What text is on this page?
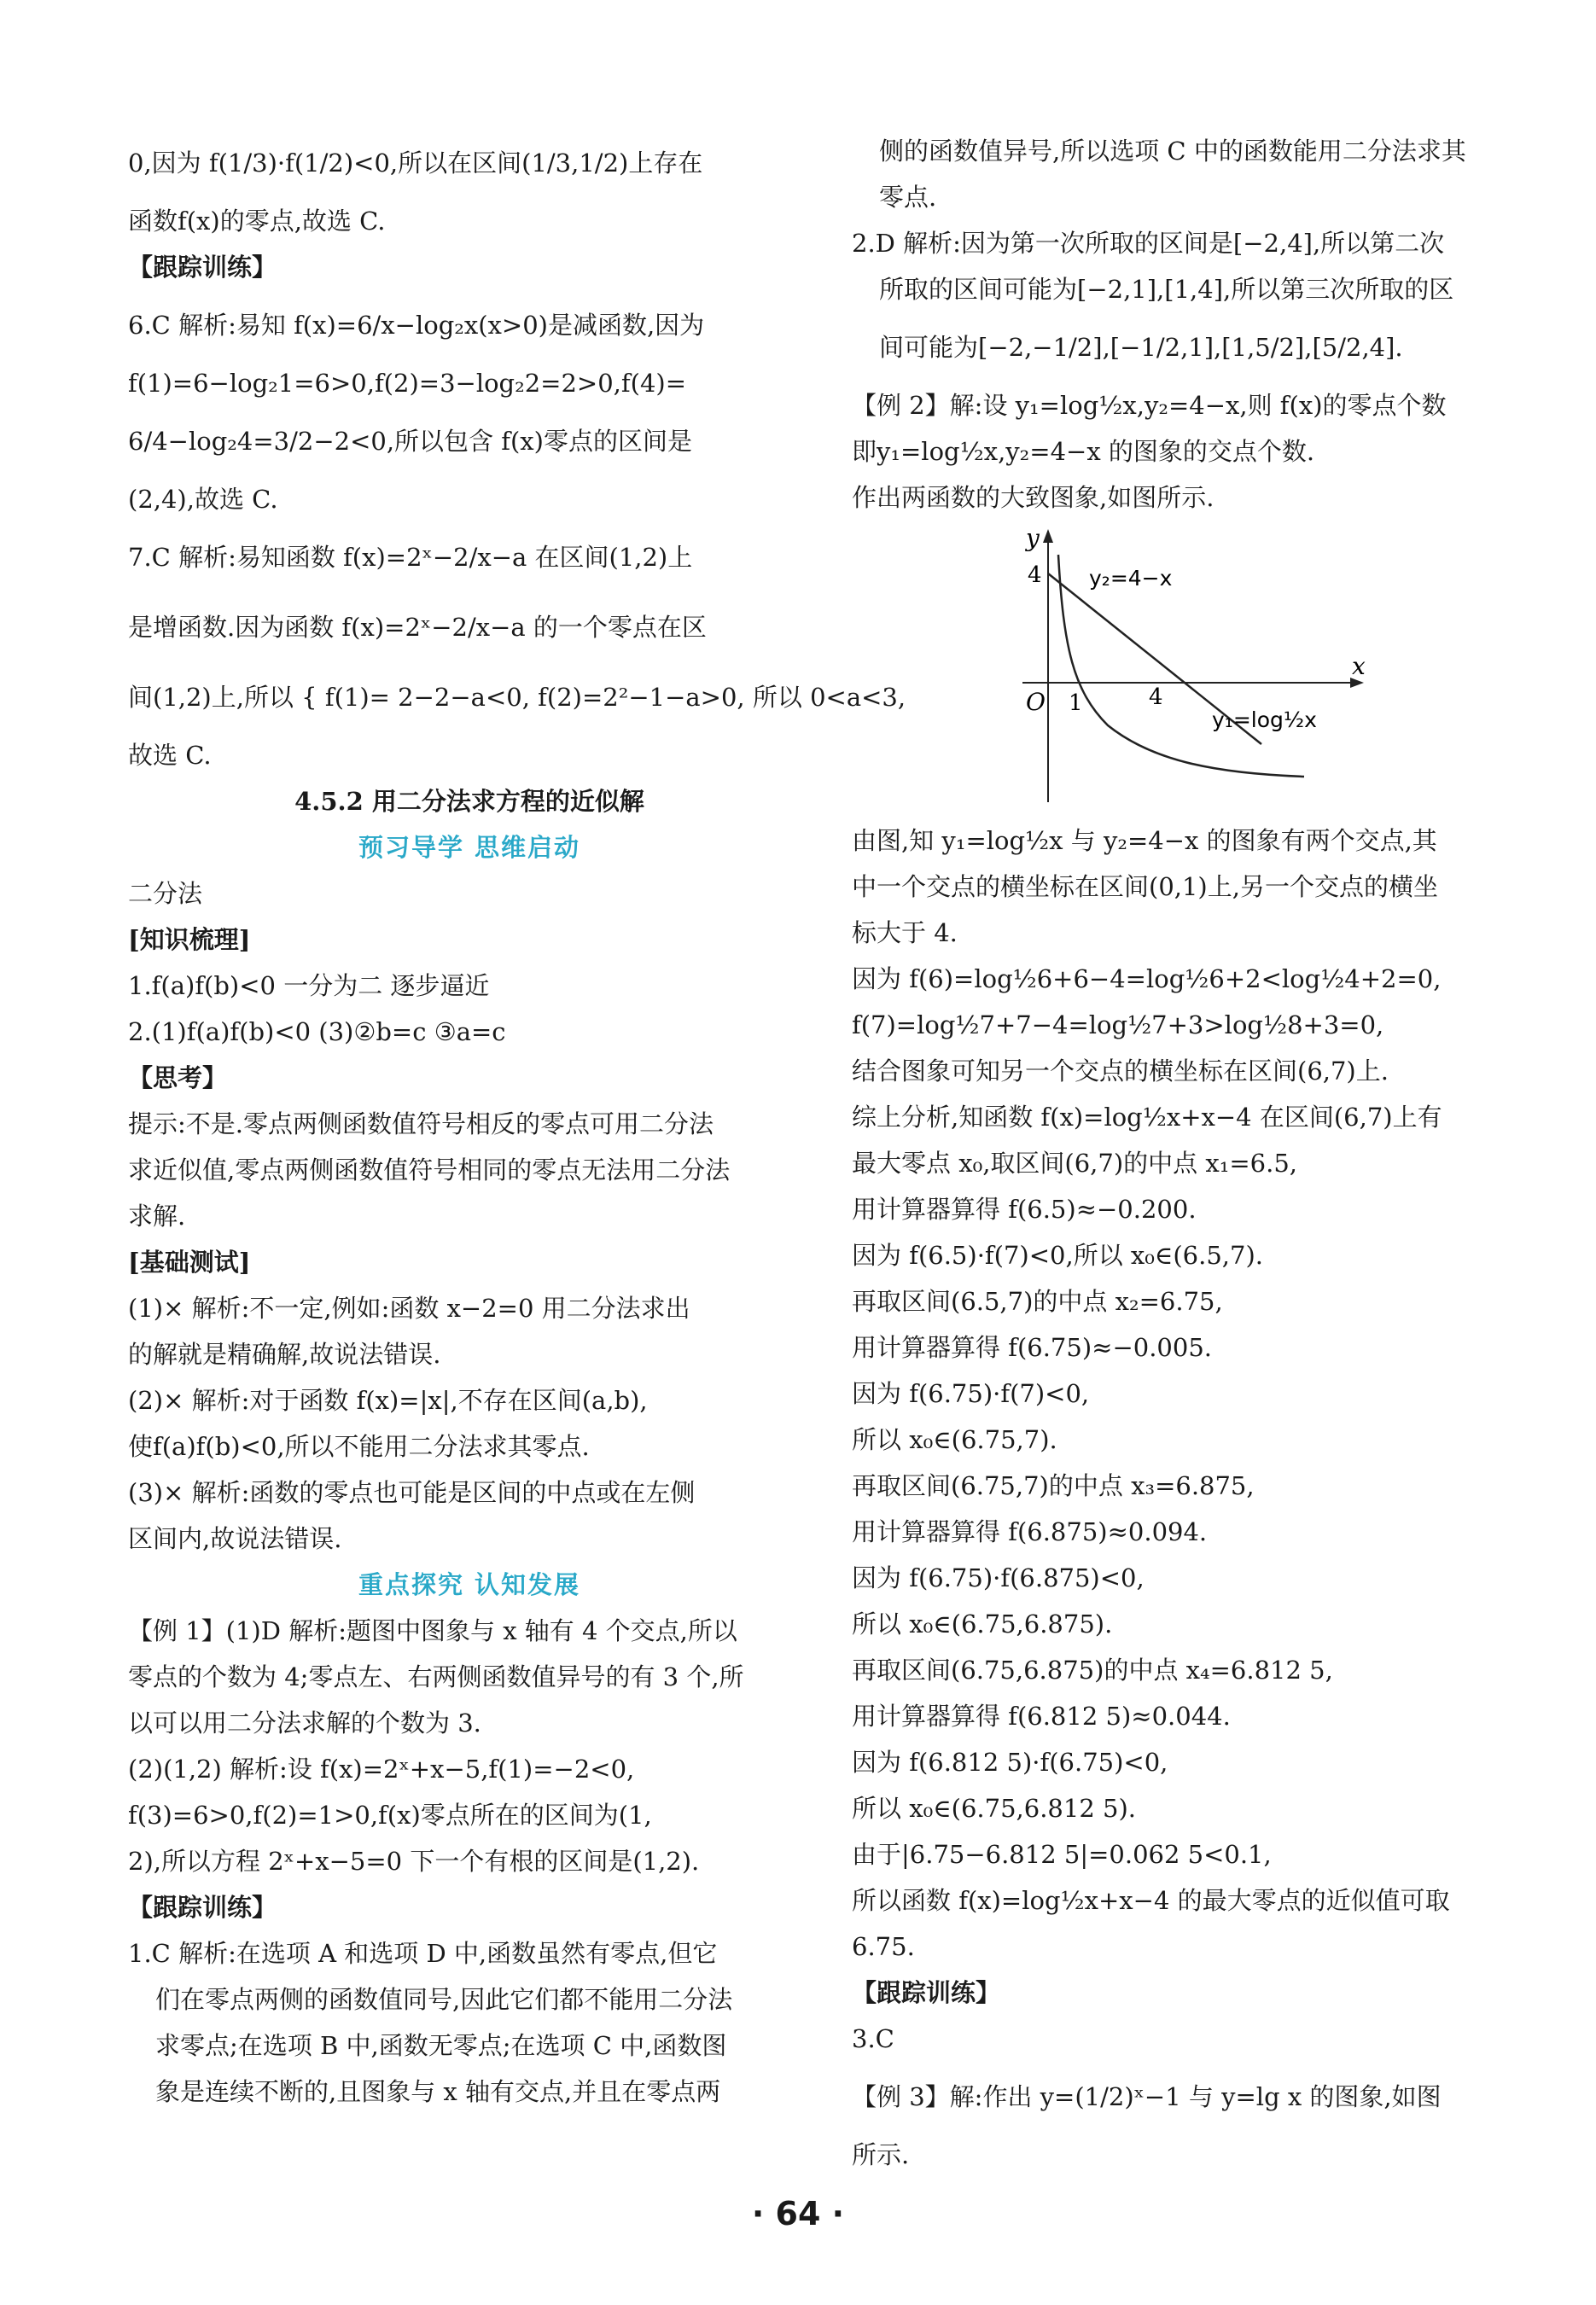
0,因为 f(1/3)·f(1/2)<0,所以在区间(1/3,1/2)上存在
函数f(x)的零点,故选 C.
【跟踪训练】
6.C 解析:易知 f(x)=6/x−log₂x(x>0)是减函数,因为
f(1)=6−log₂1=6>0,f(2)=3−log₂2=2>0,f(4)=
6/4−log₂4=3/2−2<0,所以包含 f(x)零点的区间是
(2,4),故选 C.
7.C 解析:易知函数 f(x)=2ˣ−2/x−a 在区间(1,2)上
是增函数.因为函数 f(x)=2ˣ−2/x−a 的一个零点在区
间(1,2)上,所以 { f(1)= 2−2−a<0, f(2)=2²−1−a>0, 所以 0<a<3,
故选 C.
4.5.2 用二分法求方程的近似解
预习导学 思维启动
二分法
[知识梳理]
1.f(a)f(b)<0 一分为二 逐步逼近
2.(1)f(a)f(b)<0 (3)②b=c ③a=c
【思考】
提示:不是.零点两侧函数值符号相反的零点可用二分法
求近似值,零点两侧函数值符号相同的零点无法用二分法
求解.
[基础测试]
(1)× 解析:不一定,例如:函数 x−2=0 用二分法求出
的解就是精确解,故说法错误.
(2)× 解析:对于函数 f(x)=|x|,不存在区间(a,b),
使f(a)f(b)<0,所以不能用二分法求其零点.
(3)× 解析:函数的零点也可能是区间的中点或在左侧
区间内,故说法错误.
重点探究 认知发展
【例 1】(1)D 解析:题图中图象与 x 轴有 4 个交点,所以
零点的个数为 4;零点左、右两侧函数值异号的有 3 个,所
以可以用二分法求解的个数为 3.
(2)(1,2) 解析:设 f(x)=2ˣ+x−5,f(1)=−2<0,
f(3)=6>0,f(2)=1>0,f(x)零点所在的区间为(1,
2),所以方程 2ˣ+x−5=0 下一个有根的区间是(1,2).
【跟踪训练】
1.C 解析:在选项 A 和选项 D 中,函数虽然有零点,但它
们在零点两侧的函数值同号,因此它们都不能用二分法
求零点;在选项 B 中,函数无零点;在选项 C 中,函数图
象是连续不断的,且图象与 x 轴有交点,并且在零点两
侧的函数值异号,所以选项 C 中的函数能用二分法求其
零点.
2.D 解析:因为第一次所取的区间是[−2,4],所以第二次
所取的区间可能为[−2,1],[1,4],所以第三次所取的区
间可能为[−2,−1/2],[−1/2,1],[1,5/2],[5/2,4].
【例 2】解:设 y₁=log½x,y₂=4−x,则 f(x)的零点个数
即y₁=log½x,y₂=4−x 的图象的交点个数.
作出两函数的大致图象,如图所示.
y
x
O 1	4
4 y₂=4−x
y₁=log½x
由图,知 y₁=log½x 与 y₂=4−x 的图象有两个交点,其
中一个交点的横坐标在区间(0,1)上,另一个交点的横坐
标大于 4.
因为 f(6)=log½6+6−4=log½6+2<log½4+2=0,
f(7)=log½7+7−4=log½7+3>log½8+3=0,
结合图象可知另一个交点的横坐标在区间(6,7)上.
综上分析,知函数 f(x)=log½x+x−4 在区间(6,7)上有
最大零点 x₀,取区间(6,7)的中点 x₁=6.5,
用计算器算得 f(6.5)≈−0.200.
因为 f(6.5)·f(7)<0,所以 x₀∈(6.5,7).
再取区间(6.5,7)的中点 x₂=6.75,
用计算器算得 f(6.75)≈−0.005.
因为 f(6.75)·f(7)<0,
所以 x₀∈(6.75,7).
再取区间(6.75,7)的中点 x₃=6.875,
用计算器算得 f(6.875)≈0.094.
因为 f(6.75)·f(6.875)<0,
所以 x₀∈(6.75,6.875).
再取区间(6.75,6.875)的中点 x₄=6.812 5,
用计算器算得 f(6.812 5)≈0.044.
因为 f(6.812 5)·f(6.75)<0,
所以 x₀∈(6.75,6.812 5).
由于|6.75−6.812 5|=0.062 5<0.1,
所以函数 f(x)=log½x+x−4 的最大零点的近似值可取
6.75.
【跟踪训练】
3.C
【例 3】解:作出 y=(1/2)ˣ−1 与 y=lg x 的图象,如图
所示.
· 64 ·
